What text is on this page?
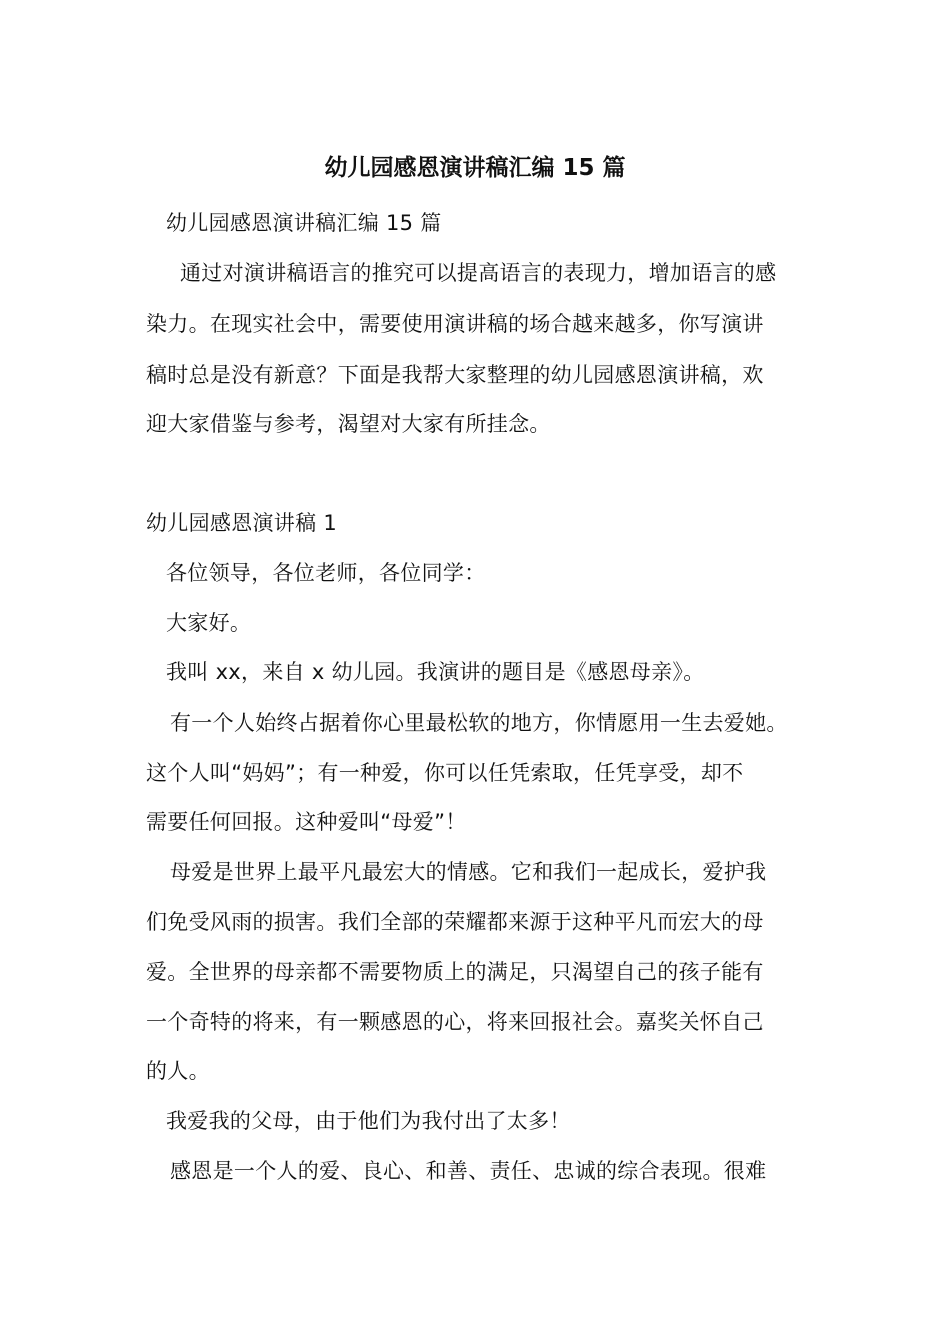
幼儿园感恩演讲稿汇编 15 篇

幼儿园感恩演讲稿汇编 15 篇

通过对演讲稿语言的推究可以提高语言的表现力，增加语言的感

染力。在现实社会中，需要使用演讲稿的场合越来越多，你写演讲

稿时总是没有新意？下面是我帮大家整理的幼儿园感恩演讲稿，欢

迎大家借鉴与参考，渴望对大家有所挂念。

幼儿园感恩演讲稿 1

各位领导，各位老师，各位同学：

大家好。

我叫 xx，来自 x 幼儿园。我演讲的题目是《感恩母亲》。

有一个人始终占据着你心里最松软的地方，你情愿用一生去爱她。

这个人叫“妈妈”；有一种爱，你可以任凭索取，任凭享受，却不

需要任何回报。这种爱叫“母爱”！

母爱是世界上最平凡最宏大的情感。它和我们一起成长，爱护我

们免受风雨的损害。我们全部的荣耀都来源于这种平凡而宏大的母

爱。全世界的母亲都不需要物质上的满足，只渴望自己的孩子能有

一个奇特的将来，有一颗感恩的心，将来回报社会。嘉奖关怀自己

的人。

我爱我的父母，由于他们为我付出了太多！

感恩是一个人的爱、良心、和善、责任、忠诚的综合表现。很难
